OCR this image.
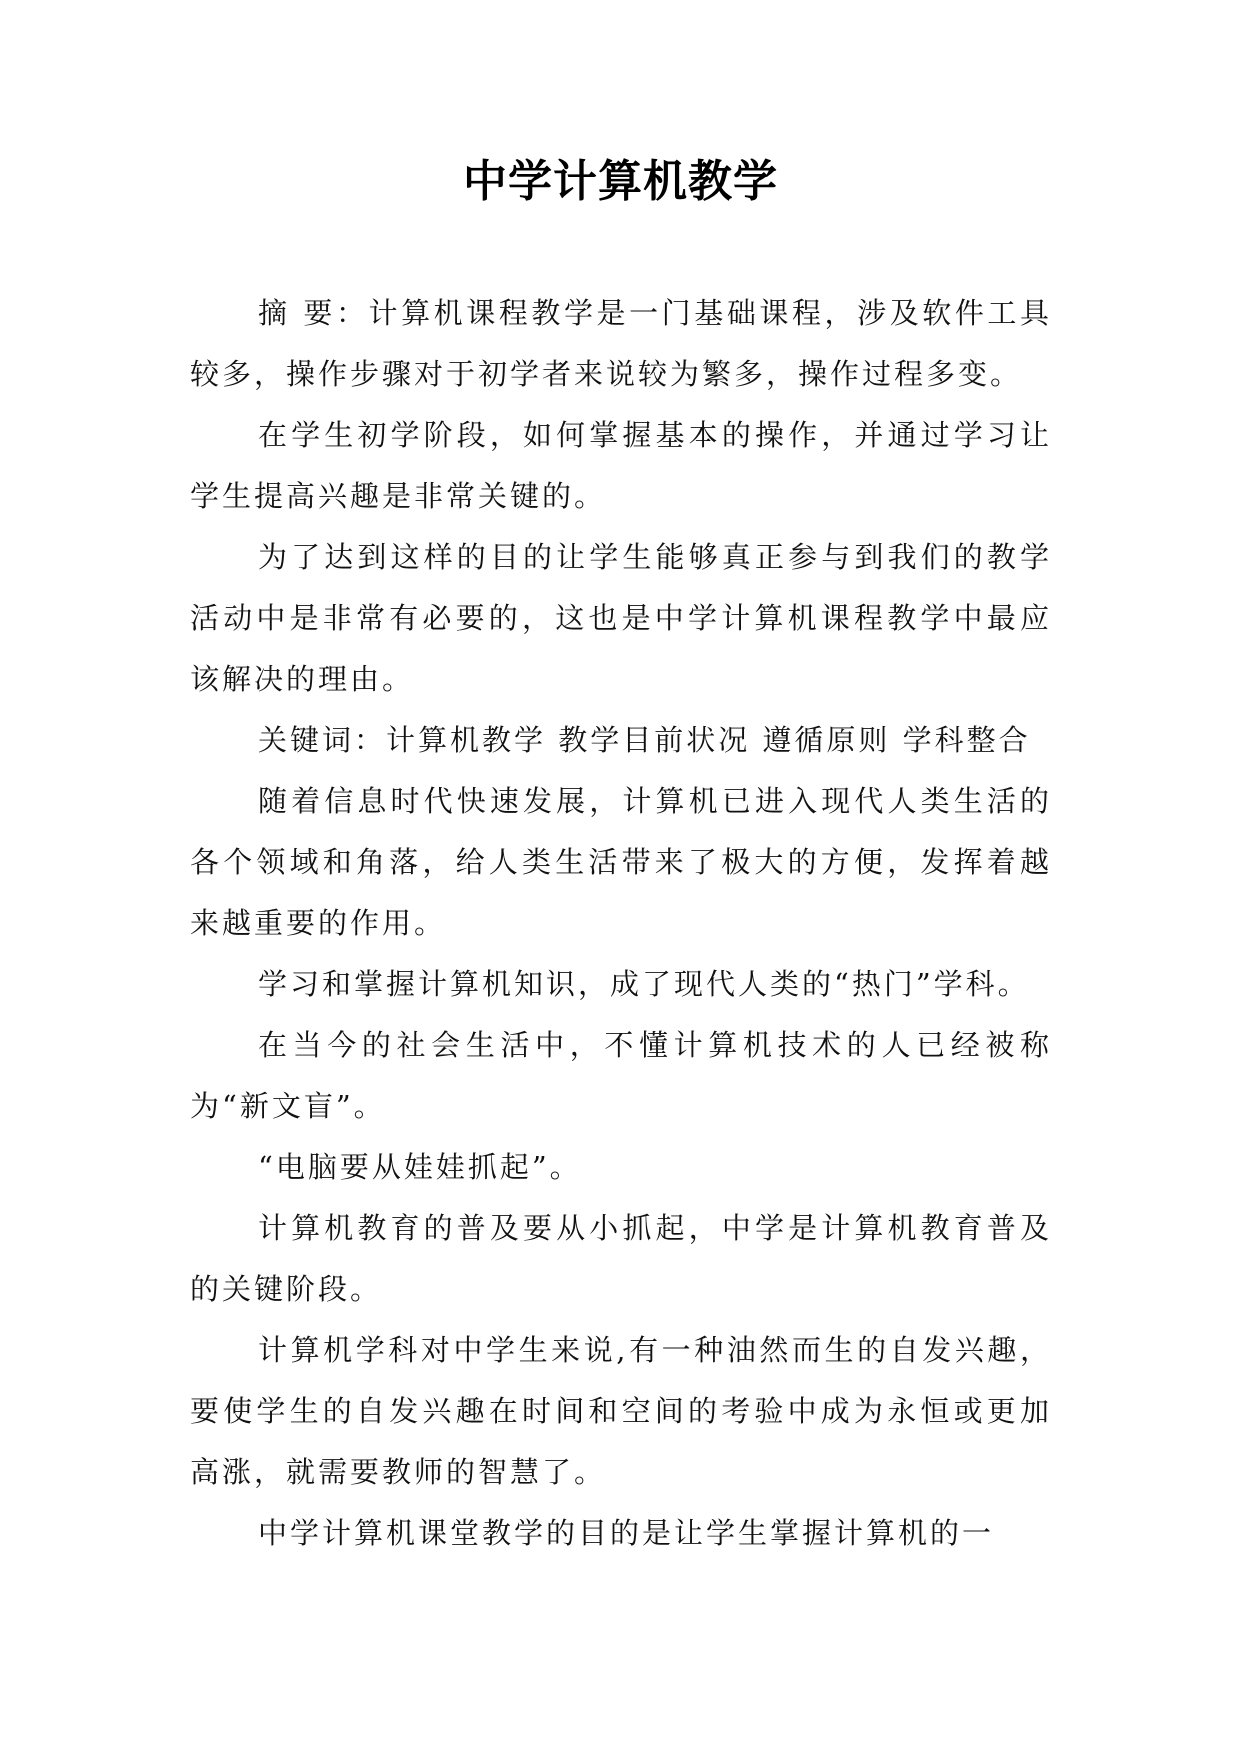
中学计算机教学

摘 要：计算机课程教学是一门基础课程，涉及软件工具较多，操作步骤对于初学者来说较为繁多，操作过程多变。

在学生初学阶段，如何掌握基本的操作，并通过学习让学生提高兴趣是非常关键的。

为了达到这样的目的让学生能够真正参与到我们的教学活动中是非常有必要的，这也是中学计算机课程教学中最应该解决的理由。

关键词：计算机教学 教学目前状况 遵循原则 学科整合

随着信息时代快速发展，计算机已进入现代人类生活的各个领域和角落，给人类生活带来了极大的方便，发挥着越来越重要的作用。

学习和掌握计算机知识，成了现代人类的“热门”学科。

在当今的社会生活中，不懂计算机技术的人已经被称为“新文盲”。

“电脑要从娃娃抓起”。

计算机教育的普及要从小抓起，中学是计算机教育普及的关键阶段。

计算机学科对中学生来说,有一种油然而生的自发兴趣，要使学生的自发兴趣在时间和空间的考验中成为永恒或更加高涨，就需要教师的智慧了。

中学计算机课堂教学的目的是让学生掌握计算机的一
